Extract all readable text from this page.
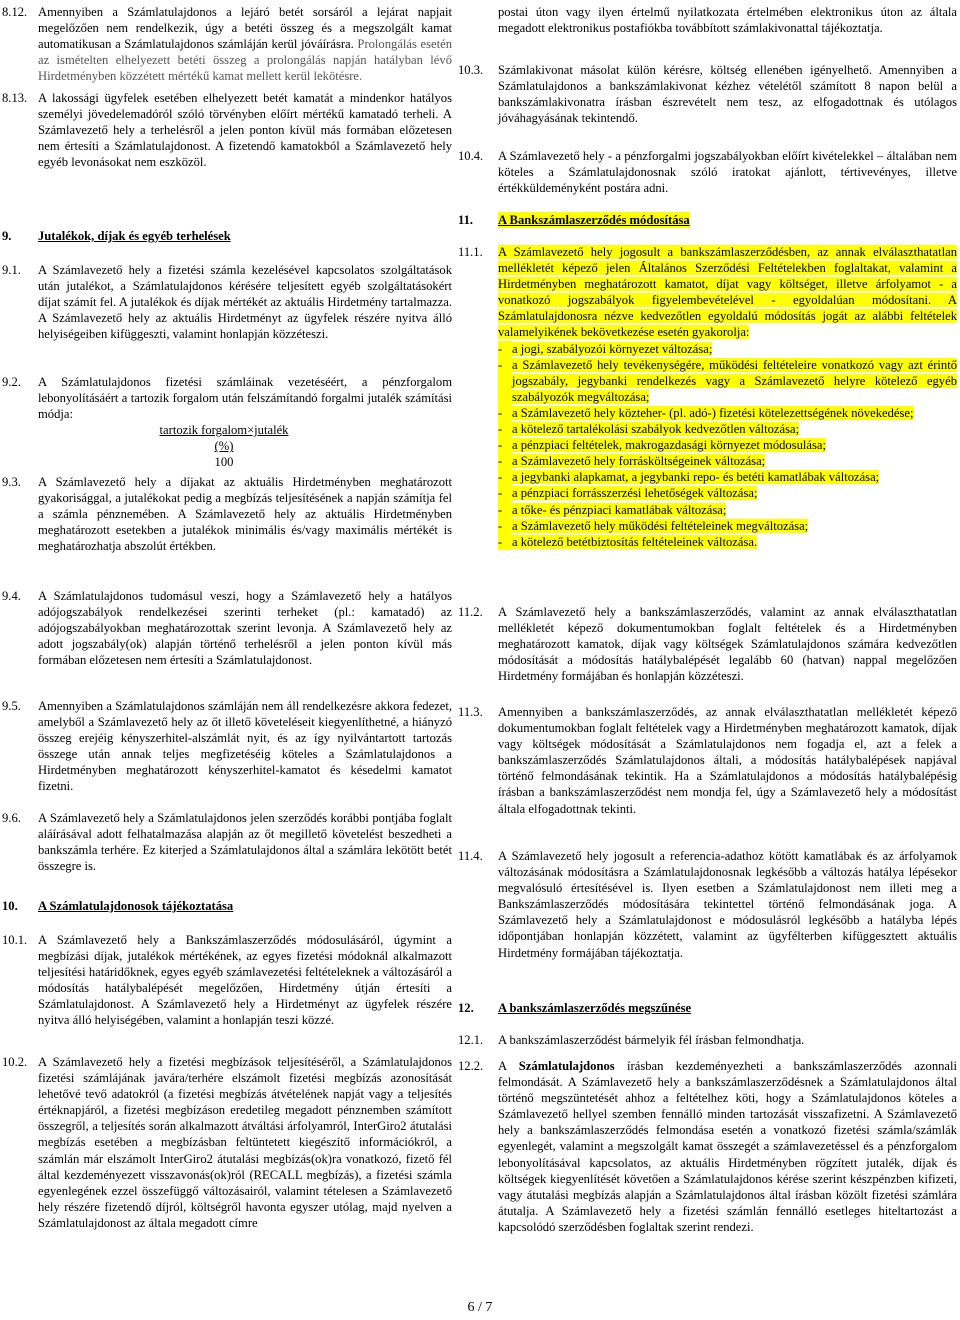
8.12. Amennyiben a Számlatulajdonos a lejáró betét sorsáról a lejárat napjait megelőzően nem rendelkezik, úgy a betéti összeg és a megszolgált kamat automatikusan a Számlatulajdonos számláján kerül jóváírásra. Prolongálás esetén az ismételten elhelyezett betéti összeg a prolongálás napján hatályban lévő Hirdetményben közzétett mértékű kamat mellett kerül lekötésre.

8.13. A lakossági ügyfelek esetében elhelyezett betét kamatát a mindenkor hatályos személyi jövedelemadóról szóló törvényben előírt mértékű kamatadó terheli. A Számlavezető hely a terhelésről a jelen ponton kívül más formában előzetesen nem értesíti a Számlatulajdonost. A fizetendő kamatokból a Számlavezető hely egyéb levonásokat nem eszközöl.

9.	Jutalékok, díjak és egyéb terhelések
9.1.	A Számlavezető hely a fizetési számla kezelésével kapcsolatos szolgáltatások után jutalékot, a Számlatulajdonos kérésére teljesített egyéb szolgáltatásokért díjat számít fel. A jutalékok és díjak mértékét az aktuális Hirdetmény tartalmazza. A Számlavezető hely az aktuális Hirdetményt az ügyfelek részére nyitva álló helyiségeiben kifüggeszti, valamint honlapján közzéteszi.

9.2.	A Számlatulajdonos fizetési számláinak vezetéséért, a pénzforgalom lebonyolításáért a tartozik forgalom után felszámítandó forgalmi jutalék számítási módja:

tartozik forgalom×jutalék (%)
100
9.3.	A Számlavezető hely a díjakat az aktuális Hirdetményben meghatározott gyakorisággal, a jutalékokat pedig a megbízás teljesítésének a napján számítja fel a számla pénznemében. A Számlavezető hely az aktuális Hirdetményben meghatározott esetekben a jutalékok minimális és/vagy maximális mértékét is meghatározhatja abszolút értékben.

9.4.	A Számlatulajdonos tudomásul veszi, hogy a Számlavezető hely a hatályos adójogszabályok rendelkezései szerinti terheket (pl.: kamatadó) az adójogszabályokban meghatározottak szerint levonja. A Számlavezető hely az adott jogszabály(ok) alapján történő terhelésről a jelen ponton kívül más formában előzetesen nem értesíti a Számlatulajdonost.

9.5.	Amennyiben a Számlatulajdonos számláján nem áll rendelkezésre akkora fedezet, amelyből a Számlavezető hely az őt illető követeléseit kiegyenlíthetné, a hiányzó összeg erejéig kényszerhitel-alszámlát nyit, és az így nyilvántartott tartozás összege után annak teljes megfizetéséig köteles a Számlatulajdonos a Hirdetményben meghatározott kényszerhitel-kamatot és késedelmi kamatot fizetni.

9.6.	A Számlavezető hely a Számlatulajdonos jelen szerződés korábbi pontjába foglalt aláírásával adott felhatalmazása alapján az őt megillető követelést beszedheti a bankszámla terhére. Ez kiterjed a Számlatulajdonos által a számlára lekötött betét összegre is.

10.	A Számlatulajdonosok tájékoztatása
10.1. A Számlavezető hely a Bankszámlaszerződés módosulásáról, úgymint a megbízási díjak, jutalékok mértékének, az egyes fizetési módoknál alkalmazott teljesítési határidőknek, egyes egyéb számlavezetési feltételeknek a változásáról a módosítás hatálybalépését megelőzően, Hirdetmény útján értesíti a Számlatulajdonost. A Számlavezető hely a Hirdetményt az ügyfelek részére nyitva álló helyiségében, valamint a honlapján teszi közzé.

10.2. A Számlavezető hely a fizetési megbízások teljesítéséről, a Számlatulajdonos fizetési számlájának javára/terhére elszámolt fizetési megbízás azonosítását lehetővé tevő adatokról (a fizetési megbízás átvételének napját vagy a teljesítés értéknapjáról, a fizetési megbízáson eredetileg megadott pénznemben számított összegről, a teljesítés során alkalmazott átváltási árfolyamról, InterGiro2 átutalási megbízás esetében a megbízásban feltüntetett kiegészítő információkról, a számlán már elszámolt InterGiro2 átutalási megbízás(ok)ra vonatkozó, fizető fél által kezdeményezett visszavonás(ok)ról (RECALL megbízás), a fizetési számla egyenlegének ezzel összefüggő változásairól, valamint tételesen a Számlavezető hely részére fizetendő díjról, költségről havonta egyszer utólag, majd nyelven a Számlatulajdonost az általa megadott címre

postai úton vagy ilyen értelmű nyilatkozata értelmében elektronikus úton az általa megadott elektronikus postafiókba továbbított számlakivonattal tájékoztatja.

10.3.	Számlakivonat másolat külön kérésre, költség ellenében igényelhető. Amennyiben a Számlatulajdonos a bankszámlakivonat kézhez vételétől számított 8 napon belül a bankszámlakivonatra írásban észrevételt nem tesz, az elfogadottnak és utólagos jóváhagyásának tekintendő.

10.4.	A Számlavezető hely - a pénzforgalmi jogszabályokban előírt kivételekkel – általában nem köteles a Számlatulajdonosnak szóló iratokat ajánlott, tértivevényes, illetve értékküldeményként postára adni.

11.	A Bankszámlaszerződés módosítása
11.1.	A Számlavezető hely jogosult a bankszámlaszerződésben, az annak elválaszthatatlan mellékletét képező jelen Általános Szerződési Feltételekben foglaltakat, valamint a Hirdetményben meghatározott kamatot, díjat vagy költséget, illetve árfolyamot - a vonatkozó jogszabályok figyelembevételével - egyoldalúan módosítani. A Számlatulajdonosra nézve kedvezőtlen egyoldalú módosítás jogát az alábbi feltételek valamelyikének bekövetkezése esetén gyakorolja:

- a jogi, szabályozói környezet változása;
- a Számlavezető hely tevékenységére, működési feltételeire vonatkozó vagy azt érintő jogszabály, jegybanki rendelkezés vagy a Számlavezető helyre kötelező egyéb szabályozók megváltozása;
- a Számlavezető hely közteher- (pl. adó-) fizetési kötelezettségének növekedése;
- a kötelező tartalékolási szabályok kedvezőtlen változása;
- a pénzpiaci feltételek, makrogazdasági környezet módosulása;
- a Számlavezető hely forrásköltségeinek változása;
- a jegybanki alapkamat, a jegybanki repo- és betéti kamatlábak változása;
- a pénzpiaci forrásszerzési lehetőségek változása;
- a tőke- és pénzpiaci kamatlábak változása;
- a Számlavezető hely működési feltételeinek megváltozása;
- a kötelező betétbiztosítás feltételeinek változása.
11.2.	A Számlavezető hely a bankszámlaszerződés, valamint az annak elválaszthatatlan mellékletét képező dokumentumokban foglalt feltételek és a Hirdetményben meghatározott kamatok, díjak vagy költségek Számlatulajdonos számára kedvezőtlen módosítását a módosítás hatálybalépését legalább 60 (hatvan) nappal megelőzően Hirdetmény formájában és honlapján közzéteszi.

11.3.	Amennyiben a bankszámlaszerződés, az annak elválaszthatatlan mellékletét képező dokumentumokban foglalt feltételek vagy a Hirdetményben meghatározott kamatok, díjak vagy költségek módosítását a Számlatulajdonos nem fogadja el, azt a felek a bankszámlaszerződés Számlatulajdonos általi, a módosítás hatálybalépések napjával történő felmondásának tekintik. Ha a Számlatulajdonos a módosítás hatálybalépésig írásban a bankszámlaszerződést nem mondja fel, úgy a Számlavezető hely a módosítást általa elfogadottnak tekinti.

11.4.	A Számlavezető hely jogosult a referencia-adathoz kötött kamatlábak és az árfolyamok változásának módosításra a Számlatulajdonosnak legkésőbb a változás hatálya lépésekor megvalósuló értesítésével is. Ilyen esetben a Számlatulajdonost nem illeti meg a Bankszámlaszerződés módosítására tekintettel történő felmondásának joga. A Számlavezető hely a Számlatulajdonost e módosulásról legkésőbb a hatályba lépés időpontjában honlapján közzétett, valamint az ügyfélterben kifüggesztett aktuális Hirdetmény formájában tájékoztatja.

12.	A bankszámlaszerződés megszűnése
12.1.	A bankszámlaszerződést bármelyik fél írásban felmondhatja.

12.2.	A Számlatulajdonos írásban kezdeményezheti a bankszámlaszerződés azonnali felmondását. A Számlavezető hely a bankszámlaszerződésnek a Számlatulajdonos által történő megszüntetését ahhoz a feltételhez köti, hogy a Számlatulajdonos köteles a Számlavezető hellyel szemben fennálló minden tartozását visszafizetni. A Számlavezető hely a bankszámlaszerződés felmondása esetén a vonatkozó fizetési számla/számlák egyenlegét, valamint a megszolgált kamat összegét a számlavezetéssel és a pénzforgalom lebonyolításával kapcsolatos, az aktuális Hirdetményben rögzített jutalék, díjak és költségek kiegyenlítését követően a Számlatulajdonos kérése szerint készpénzben kifizeti, vagy átutalási megbízás alapján a Számlatulajdonos által írásban közölt fizetési számlára átutalja. A Számlavezető hely a fizetési számlán fennálló esetleges hiteltartozást a kapcsolódó szerződésben foglaltak szerint rendezi.

6 / 7
